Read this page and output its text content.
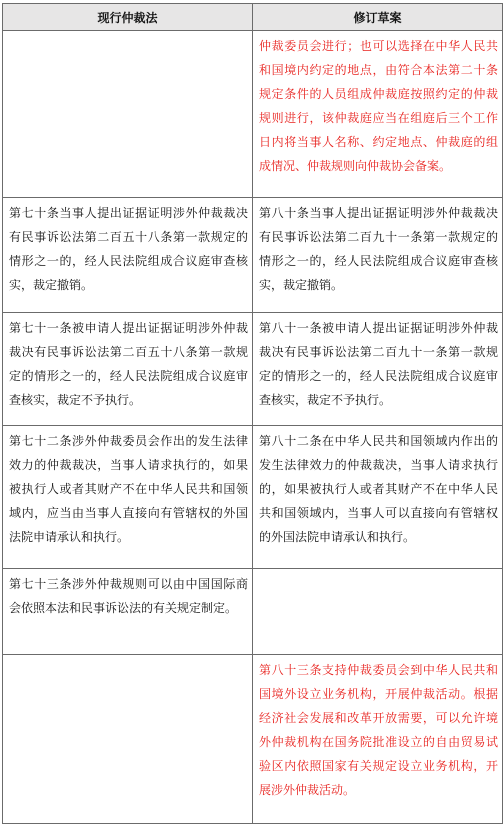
现行仲裁法	修订草案

	仲裁委员会进行；也可以选择在中华人民共和国境内约定的地点，由符合本法第二十条规定条件的人员组成仲裁庭按照约定的仲裁规则进行，该仲裁庭应当在组庭后三个工作日内将当事人名称、约定地点、仲裁庭的组成情况、仲裁规则向仲裁协会备案。

第七十条当事人提出证据证明涉外仲裁裁决有民事诉讼法第二百五十八条第一款规定的情形之一的，经人民法院组成合议庭审查核实，裁定撤销。	第八十条当事人提出证据证明涉外仲裁裁决有民事诉讼法第二百九十一条第一款规定的情形之一的，经人民法院组成合议庭审查核实，裁定撤销。

第七十一条被申请人提出证据证明涉外仲裁裁决有民事诉讼法第二百五十八条第一款规定的情形之一的，经人民法院组成合议庭审查核实，裁定不予执行。	第八十一条被申请人提出证据证明涉外仲裁裁决有民事诉讼法第二百九十一条第一款规定的情形之一的，经人民法院组成合议庭审查核实，裁定不予执行。

第七十二条涉外仲裁委员会作出的发生法律效力的仲裁裁决，当事人请求执行的，如果被执行人或者其财产不在中华人民共和国领域内，应当由当事人直接向有管辖权的外国法院申请承认和执行。	第八十二条在中华人民共和国领域内作出的发生法律效力的仲裁裁决，当事人请求执行的，如果被执行人或者其财产不在中华人民共和国领域内，当事人可以直接向有管辖权的外国法院申请承认和执行。

第七十三条涉外仲裁规则可以由中国国际商会依照本法和民事诉讼法的有关规定制定。	

	第八十三条支持仲裁委员会到中华人民共和国境外设立业务机构，开展仲裁活动。根据经济社会发展和改革开放需要，可以允许境外仲裁机构在国务院批准设立的自由贸易试验区内依照国家有关规定设立业务机构，开展涉外仲裁活动。
